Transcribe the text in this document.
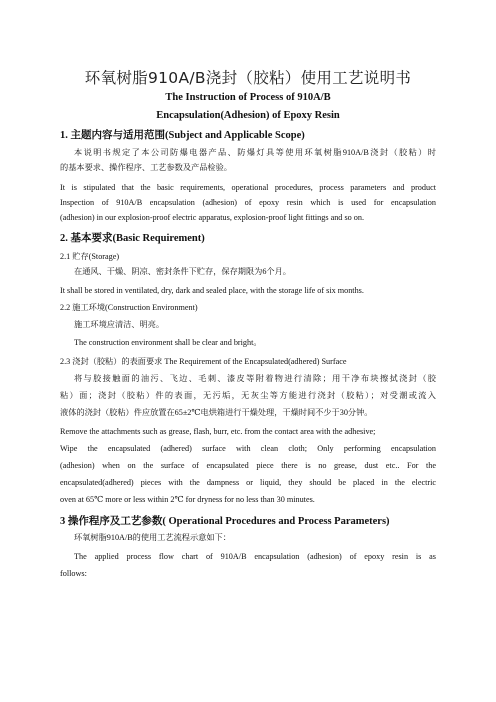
环氧树脂910A/B浇封（胶粘）使用工艺说明书
The Instruction of Process of 910A/B
Encapsulation(Adhesion) of Epoxy Resin
1. 主题内容与适用范围(Subject and Applicable Scope)
本说明书规定了本公司防爆电器产品、防爆灯具等使用环氧树脂910A/B浇封（胶粘）时
的基本要求、操作程序、工艺参数及产品检验。
It is stipulated that the basic requirements, operational procedures, process parameters and product
Inspection of 910A/B encapsulation (adhesion) of epoxy resin which is used for encapsulation
(adhesion) in our explosion-proof electric apparatus, explosion-proof light fittings and so on.
2. 基本要求(Basic Requirement)
2.1 贮存(Storage)
在通风、干燥、阴凉、密封条件下贮存，保存期限为6个月。
It shall be stored in ventilated, dry, dark and sealed place, with the storage life of six months.
2.2 施工环境(Construction Environment)
施工环境应清洁、明亮。
The construction environment shall be clear and bright。
2.3 浇封（胶粘）的表面要求 The Requirement of the Encapsulated(adhered) Surface
将与胶接触面的油污、飞边、毛刺、漆皮等附着物进行清除；用干净布块擦拭浇封（胶
粘）面；浇封（胶粘）件的表面，无污垢，无灰尘等方能进行浇封（胶粘）；对受潮或流入
液体的浇封（胶粘）件应放置在65±2℃电烘箱进行干燥处理，干燥时间不少于30分钟。
Remove the attachments such as grease, flash, burr, etc. from the contact area with the adhesive;
Wipe the encapsulated (adhered) surface with clean cloth; Only performing encapsulation
(adhesion) when on the surface of encapsulated piece there is no grease, dust etc.. For the
encapsulated(adhered) pieces with the dampness or liquid, they should be placed in the electric
oven at 65℃ more or less within 2℃ for dryness for no less than 30 minutes.
3 操作程序及工艺参数( Operational Procedures and Process Parameters)
环氧树脂910A/B的使用工艺流程示意如下：
The applied process flow chart of 910A/B encapsulation (adhesion) of epoxy resin is as
follows:
